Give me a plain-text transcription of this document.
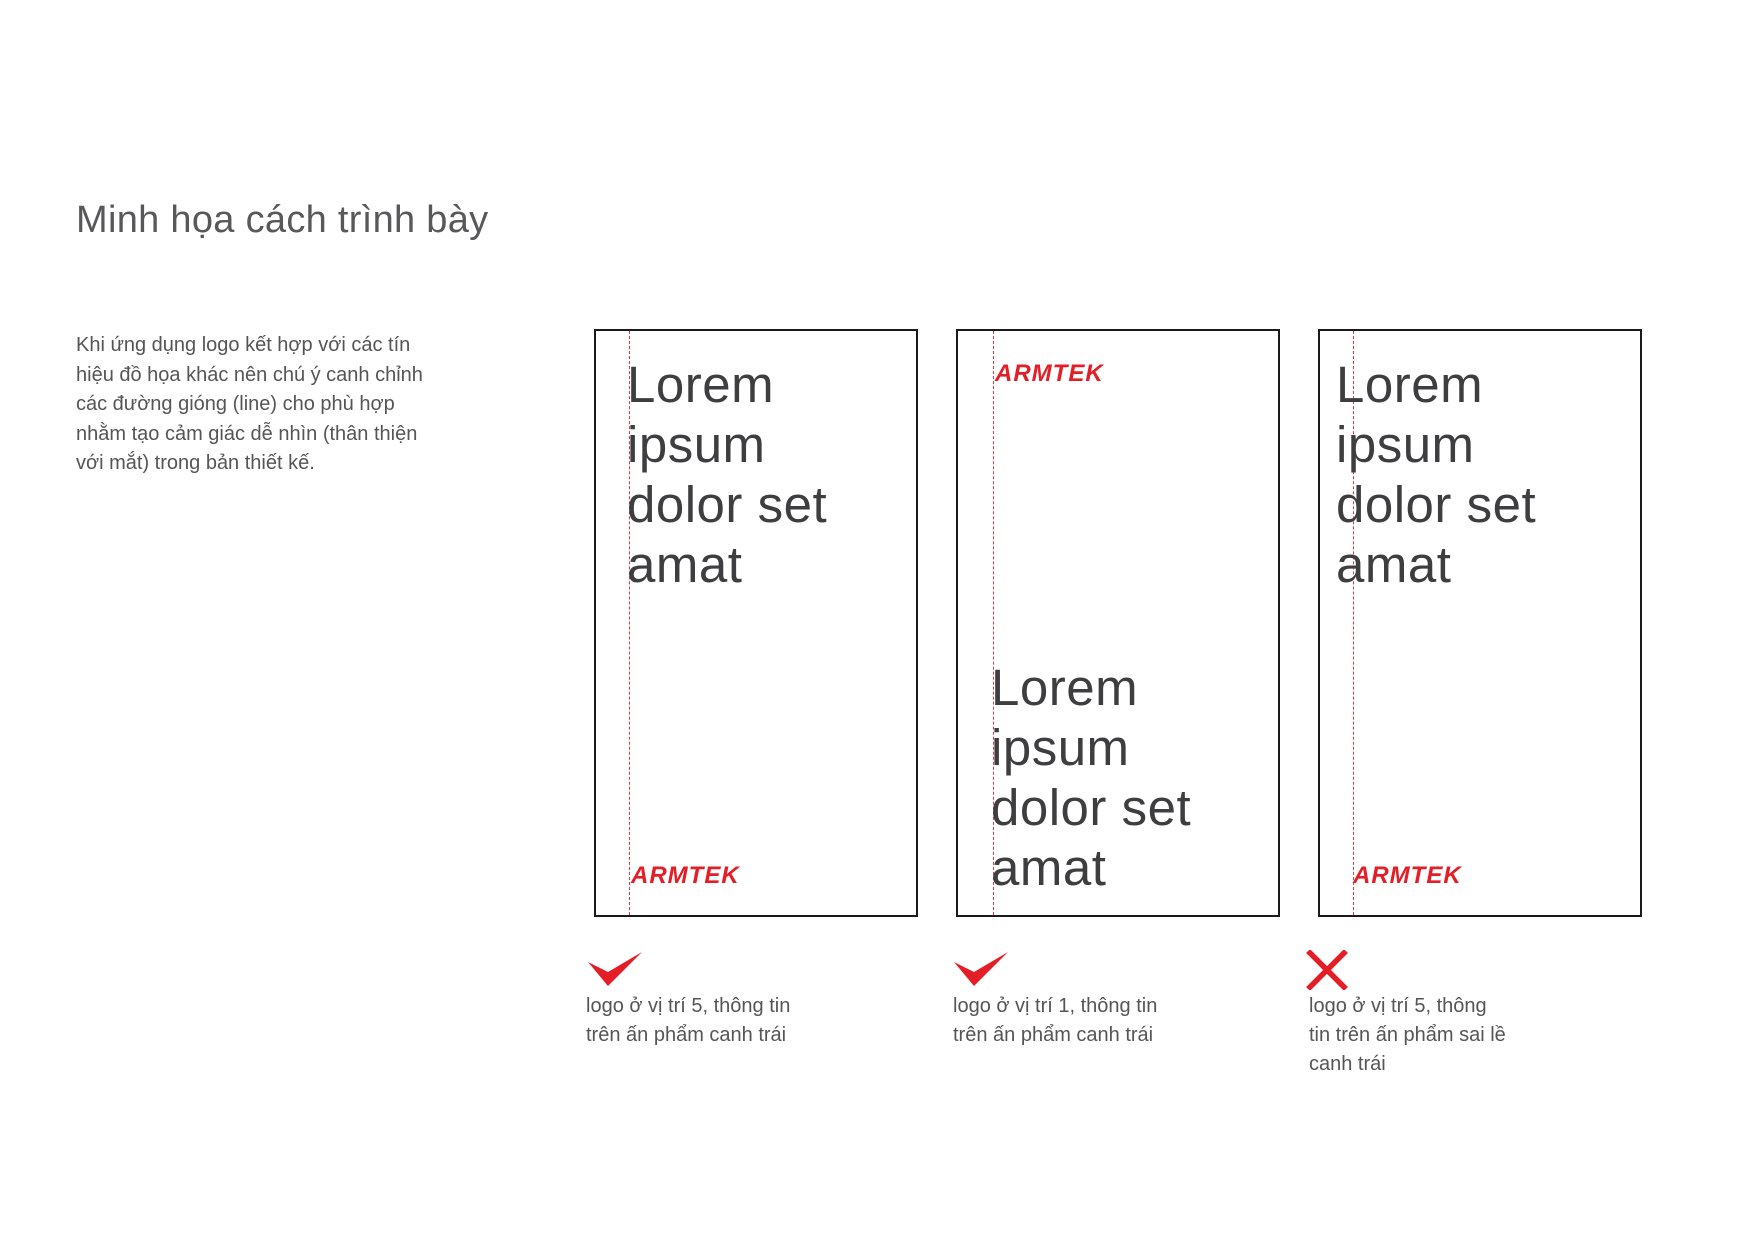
Minh họa cách trình bày
Khi ứng dụng logo kết hợp với các tín
hiệu đồ họa khác nên chú ý canh chỉnh
các đường gióng (line) cho phù hợp
nhằm tạo cảm giác dễ nhìn (thân thiện
với mắt) trong bản thiết kế.
Lorem
ipsum
dolor set
amat
ARMTEK
ARMTEK
Lorem
ipsum
dolor set
amat
Lorem
ipsum
dolor set
amat
ARMTEK
logo ở vị trí 5, thông tin
trên ấn phẩm canh trái
logo ở vị trí 1, thông tin
trên ấn phẩm canh trái
logo ở vị trí 5, thông
tin trên ấn phẩm sai lề
canh trái
